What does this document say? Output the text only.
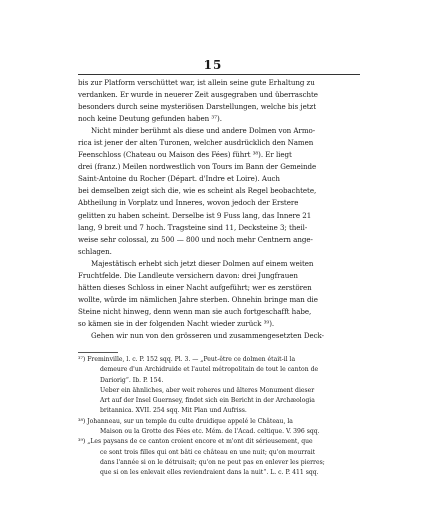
15
bis zur Platform verschüttet war, ist allein seine gute Erhaltung zu
verdanken. Er wurde in neuerer Zeit ausgegraben und überraschte
besonders durch seine mysteriösen Darstellungen, welche bis jetzt
noch keine Deutung gefunden haben ³⁷).
Nicht minder berühmt als diese und andere Dolmen von Armo-
rica ist jener der alten Turonen, welcher ausdrücklich den Namen
Feenschloss (Chateau ou Maison des Fées) führt ³⁸). Er liegt
drei (franz.) Meilen nordwestlich von Tours im Bann der Gemeinde
Saint-Antoine du Rocher (Départ. d'Indre et Loire). Auch
bei demselben zeigt sich die, wie es scheint als Regel beobachtete,
Abtheilung in Vorplatz und Inneres, wovon jedoch der Erstere
gelitten zu haben scheint. Derselbe ist 9 Fuss lang, das Innere 21
lang, 9 breit und 7 hoch. Tragsteine sind 11, Decksteine 3; theil-
weise sehr colossal, zu 500 — 800 und noch mehr Centnern ange-
schlagen.
Majestätisch erhebt sich jetzt dieser Dolmen auf einem weiten
Fruchtfelde. Die Landleute versichern davon: drei Jungfrauen
hätten dieses Schloss in einer Nacht aufgeführt; wer es zerstören
wollte, würde im nämlichen Jahre sterben. Ohnehin bringe man die
Steine nicht hinweg, denn wenn man sie auch fortgeschafft habe,
so kämen sie in der folgenden Nacht wieder zurück ³⁹).
Gehen wir nun von den grösseren und zusammengesetzten Deck-
³⁷) Freminville, l. c. P. 152 sqq. Pl. 3. — „Peut-être ce dolmen était-il la
demeure d'un Archidruide et l'autel métropolitain de tout le canton de
Dariorig“. Ib. P. 154.
Ueber ein ähnliches, aber weit roheres und älteres Monument dieser
Art auf der Insel Guernsey, findet sich ein Bericht in der Archæologia
britannica. XVII. 254 sqq. Mit Plan und Aufriss.
³⁸) Johanneau, sur un temple du culte druidique appelé le Château, la
Maison ou la Grotte des Fées etc. Mém. de l'Acad. celtique. V. 396 sqq.
³⁹) „Les paysans de ce canton croient encore et m'ont dit sérieusement, que
ce sont trois filles qui ont bâti ce château en une nuit; qu'on mourrait
dans l'année si on le détruisait; qu'on ne peut pas en enlever les pierres;
que si on les enlevait elles reviendraient dans la nuit“. L. c. P. 411 sqq.
